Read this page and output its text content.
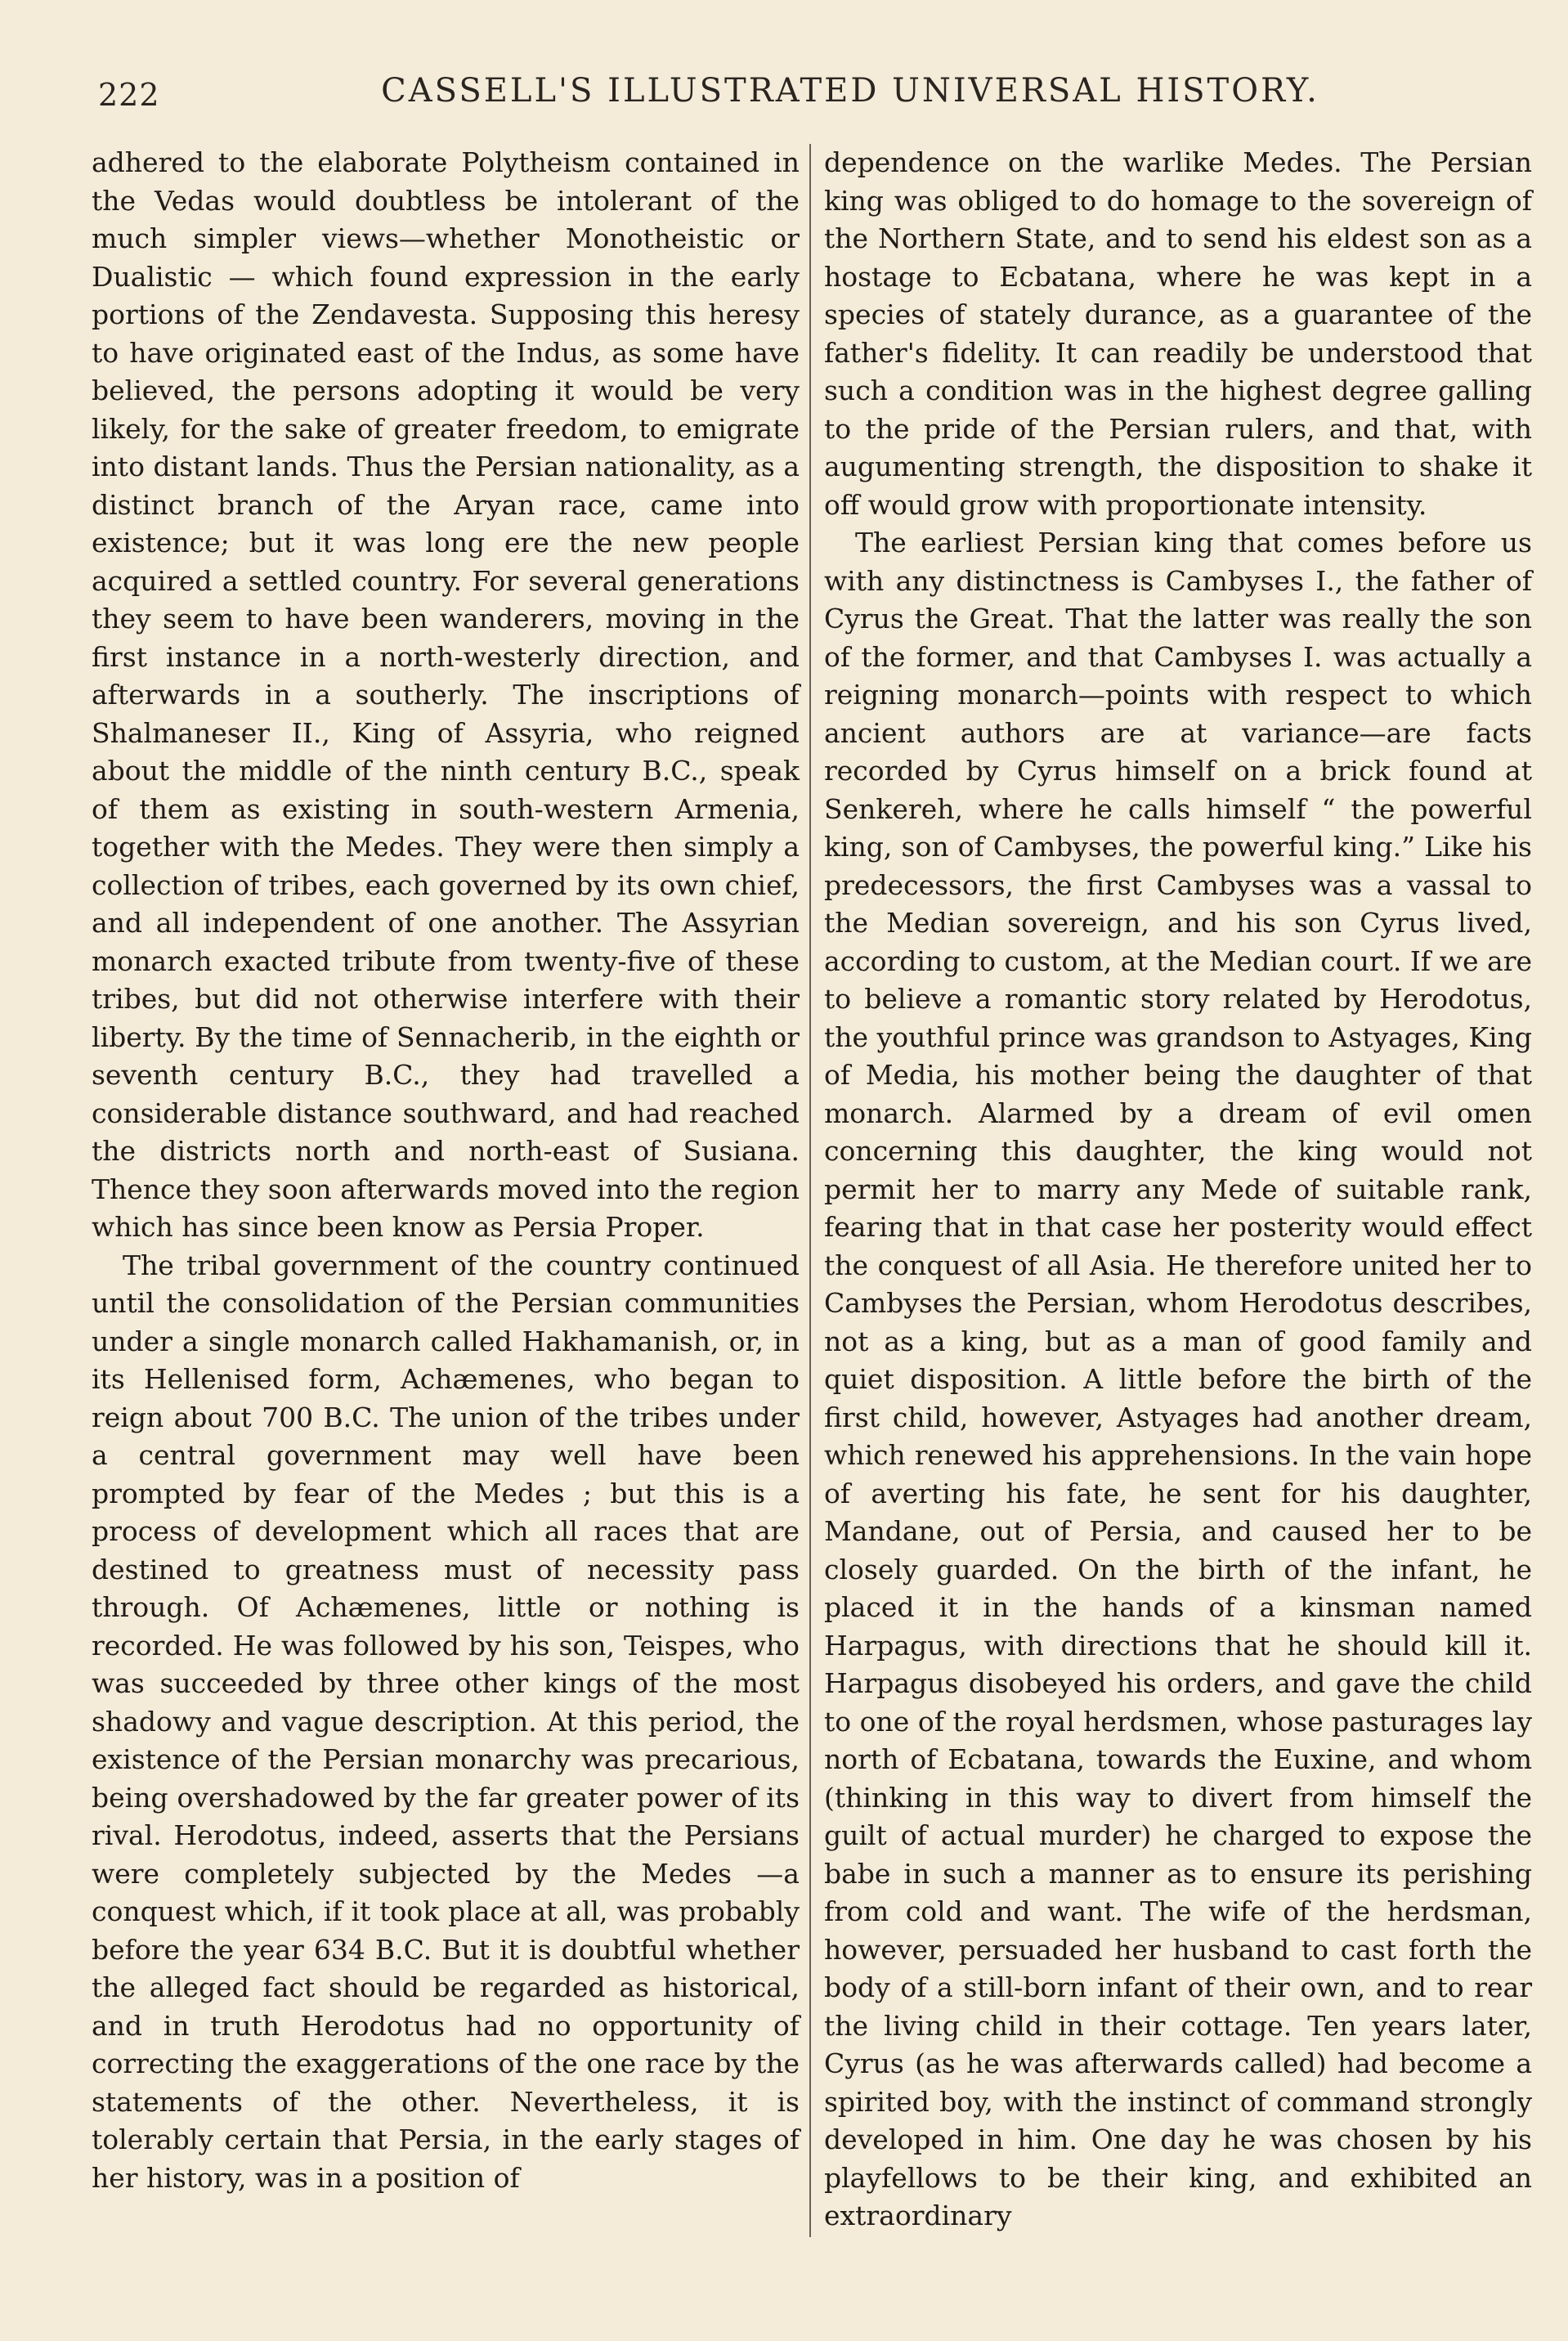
222	CASSELL'S ILLUSTRATED UNIVERSAL HISTORY.

adhered to the elaborate Polytheism contained in the Vedas would doubtless be intolerant of the much simpler views—whether Monotheistic or Dualistic — which found expression in the early portions of the Zendavesta. Supposing this heresy to have originated east of the Indus, as some have believed, the persons adopting it would be very likely, for the sake of greater freedom, to emigrate into distant lands. Thus the Persian nationality, as a distinct branch of the Aryan race, came into existence; but it was long ere the new people acquired a settled country. For several generations they seem to have been wanderers, moving in the first instance in a north-westerly direction, and afterwards in a southerly. The inscriptions of Shalmaneser II., King of Assyria, who reigned about the middle of the ninth century B.C., speak of them as existing in south-western Armenia, together with the Medes. They were then simply a collection of tribes, each governed by its own chief, and all independent of one another. The Assyrian monarch exacted tribute from twenty-five of these tribes, but did not otherwise interfere with their liberty. By the time of Sennacherib, in the eighth or seventh century B.C., they had travelled a considerable distance southward, and had reached the districts north and north-east of Susiana. Thence they soon afterwards moved into the region which has since been know as Persia Proper.

The tribal government of the country continued until the consolidation of the Persian communities under a single monarch called Hakhamanish, or, in its Hellenised form, Achæmenes, who began to reign about 700 B.C. The union of the tribes under a central government may well have been prompted by fear of the Medes ; but this is a process of development which all races that are destined to greatness must of necessity pass through. Of Achæmenes, little or nothing is recorded. He was followed by his son, Teispes, who was succeeded by three other kings of the most shadowy and vague description. At this period, the existence of the Persian monarchy was precarious, being overshadowed by the far greater power of its rival. Herodotus, indeed, asserts that the Persians were completely subjected by the Medes —a conquest which, if it took place at all, was probably before the year 634 B.C. But it is doubtful whether the alleged fact should be regarded as historical, and in truth Herodotus had no opportunity of correcting the exaggerations of the one race by the statements of the other. Nevertheless, it is tolerably certain that Persia, in the early stages of her history, was in a position of

dependence on the warlike Medes. The Persian king was obliged to do homage to the sovereign of the Northern State, and to send his eldest son as a hostage to Ecbatana, where he was kept in a species of stately durance, as a guarantee of the father's fidelity. It can readily be understood that such a condition was in the highest degree galling to the pride of the Persian rulers, and that, with augumenting strength, the disposition to shake it off would grow with proportionate intensity.

The earliest Persian king that comes before us with any distinctness is Cambyses I., the father of Cyrus the Great. That the latter was really the son of the former, and that Cambyses I. was actually a reigning monarch—points with respect to which ancient authors are at variance—are facts recorded by Cyrus himself on a brick found at Senkereh, where he calls himself “ the powerful king, son of Cambyses, the powerful king.” Like his predecessors, the first Cambyses was a vassal to the Median sovereign, and his son Cyrus lived, according to custom, at the Median court. If we are to believe a romantic story related by Herodotus, the youthful prince was grandson to Astyages, King of Media, his mother being the daughter of that monarch. Alarmed by a dream of evil omen concerning this daughter, the king would not permit her to marry any Mede of suitable rank, fearing that in that case her posterity would effect the conquest of all Asia. He therefore united her to Cambyses the Persian, whom Herodotus describes, not as a king, but as a man of good family and quiet disposition. A little before the birth of the first child, however, Astyages had another dream, which renewed his apprehensions. In the vain hope of averting his fate, he sent for his daughter, Mandane, out of Persia, and caused her to be closely guarded. On the birth of the infant, he placed it in the hands of a kinsman named Harpagus, with directions that he should kill it. Harpagus disobeyed his orders, and gave the child to one of the royal herdsmen, whose pasturages lay north of Ecbatana, towards the Euxine, and whom (thinking in this way to divert from himself the guilt of actual murder) he charged to expose the babe in such a manner as to ensure its perishing from cold and want. The wife of the herdsman, however, persuaded her husband to cast forth the body of a still-born infant of their own, and to rear the living child in their cottage. Ten years later, Cyrus (as he was afterwards called) had become a spirited boy, with the instinct of command strongly developed in him. One day he was chosen by his playfellows to be their king, and exhibited an extraordinary
